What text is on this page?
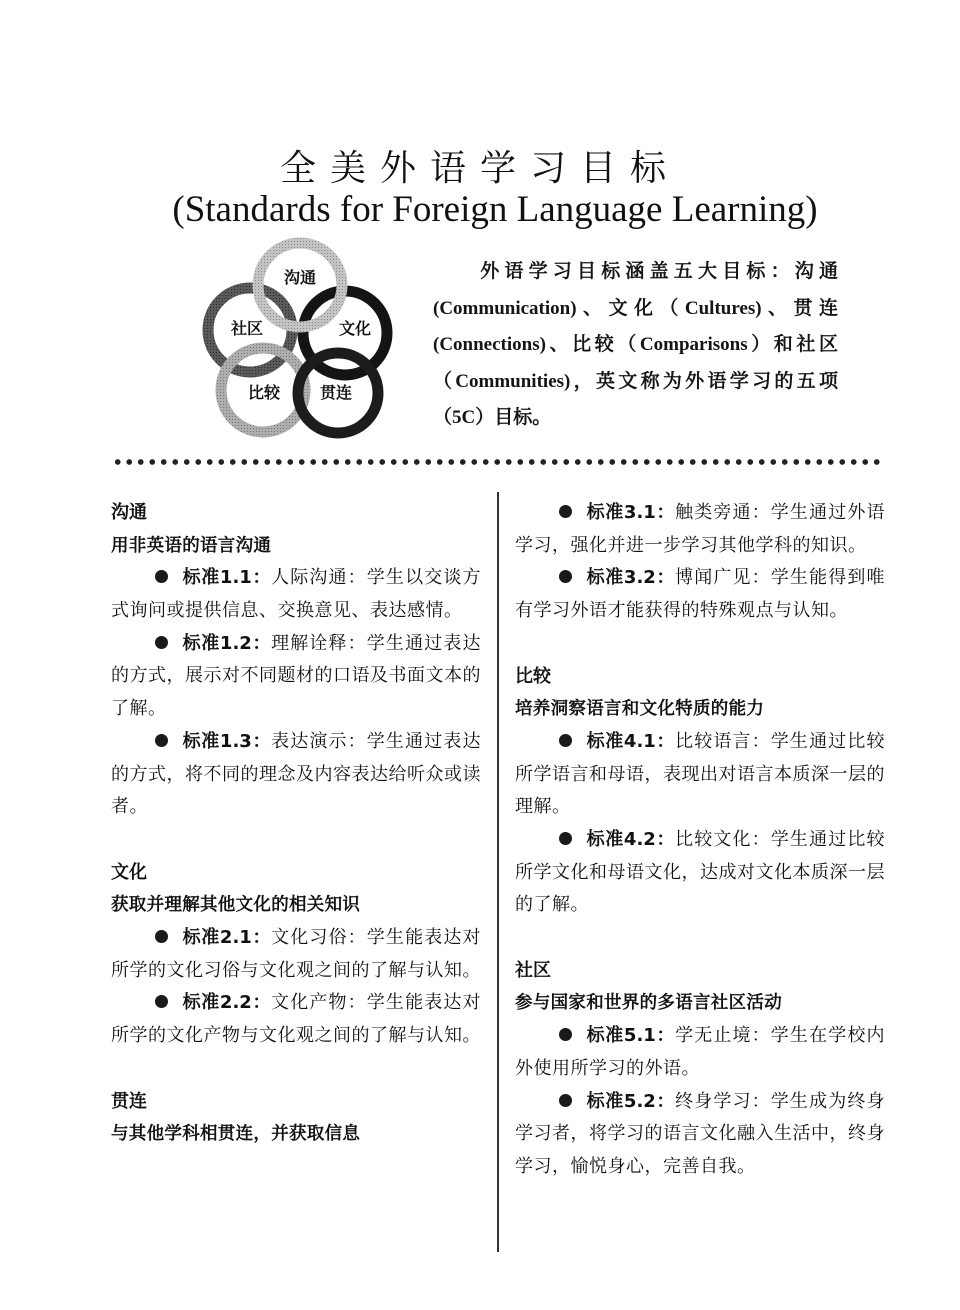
全美外语学习目标
(Standards for Foreign Language Learning)
沟通
文化
贯连
比较
社区
外语学习目标涵盖五大目标：沟通(Communication)、文化（Cultures)、贯连(Connections)、比较（Comparisons）和社区（Communities)，英文称为外语学习的五项（5C）目标。
沟通
用非英语的语言沟通

标准1.1：人际沟通：学生以交谈方式询问或提供信息、交换意见、表达感情。

标准1.2：理解诠释：学生通过表达的方式，展示对不同题材的口语及书面文本的了解。

标准1.3：表达演示：学生通过表达的方式，将不同的理念及内容表达给听众或读者。

文化
获取并理解其他文化的相关知识

标准2.1：文化习俗：学生能表达对所学的文化习俗与文化观之间的了解与认知。

标准2.2：文化产物：学生能表达对所学的文化产物与文化观之间的了解与认知。

贯连
与其他学科相贯连，并获取信息

标准3.1：触类旁通：学生通过外语学习，强化并进一步学习其他学科的知识。

标准3.2：博闻广见：学生能得到唯有学习外语才能获得的特殊观点与认知。

比较
培养洞察语言和文化特质的能力

标准4.1：比较语言：学生通过比较所学语言和母语，表现出对语言本质深一层的理解。

标准4.2：比较文化：学生通过比较所学文化和母语文化，达成对文化本质深一层的了解。

社区
参与国家和世界的多语言社区活动

标准5.1：学无止境：学生在学校内外使用所学习的外语。

标准5.2：终身学习：学生成为终身学习者，将学习的语言文化融入生活中，终身学习，愉悦身心，完善自我。
